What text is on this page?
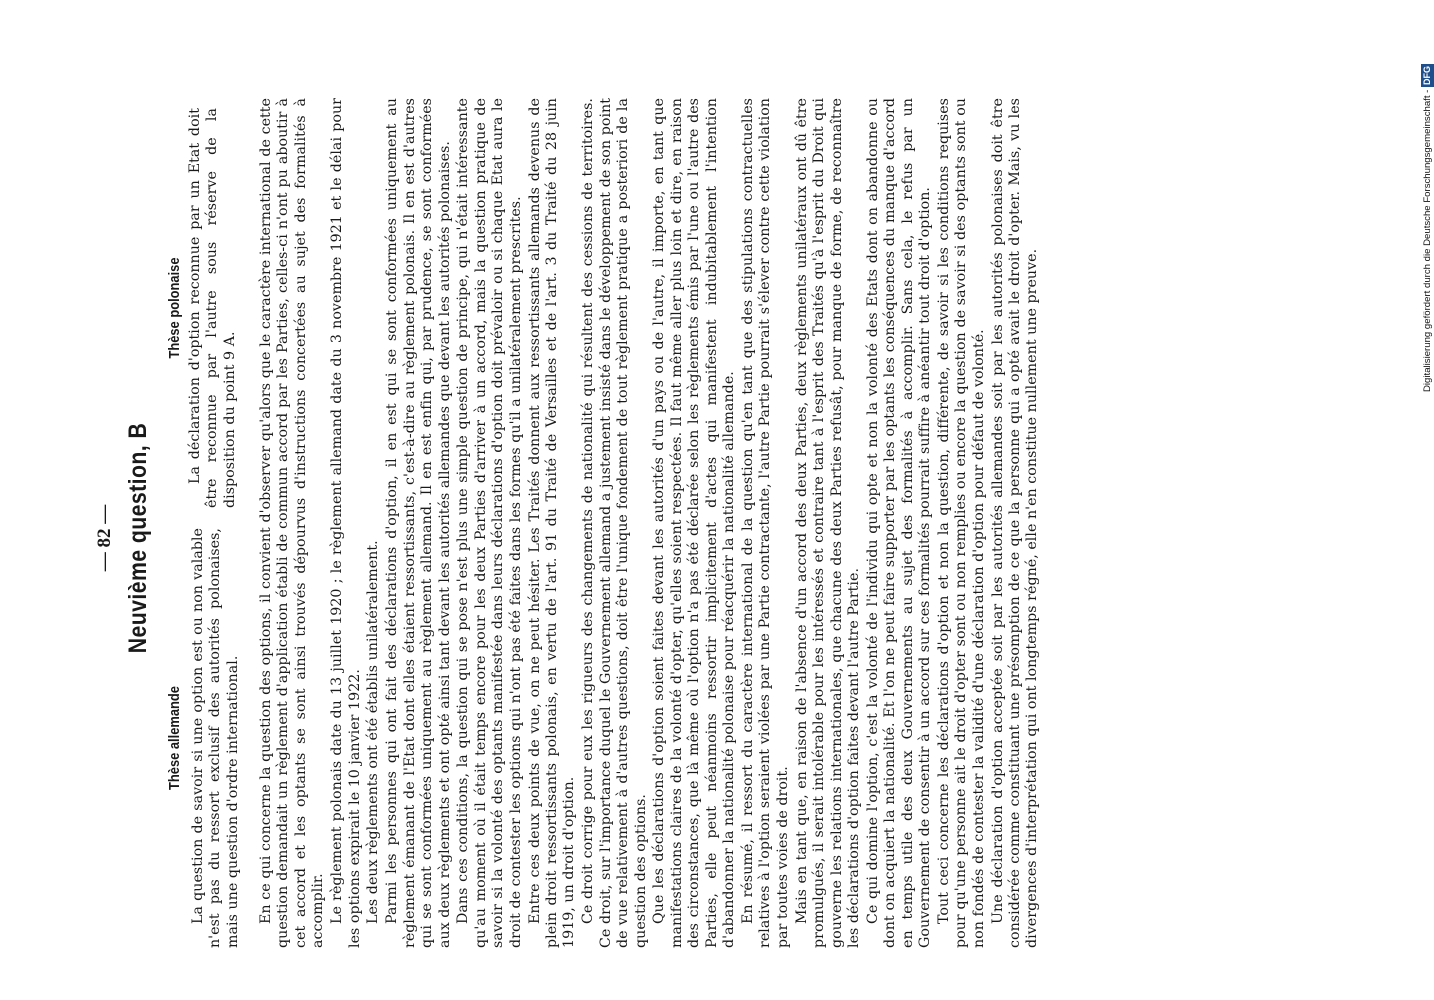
— 82 — Neuvième question, B
Thèse allemande La question de savoir si une option est ou non valable n'est pas du ressort exclusif des autorités polonaises, mais une question d'ordre international.

Thèse polonaise La déclaration d'option reconnue par un Etat doit être reconnue par l'autre sous réserve de la disposition du point 9 A. En ce qui concerne la question des options, il convient d'observer qu'alors que le caractère international de cette question demandait un règlement d'application établi de commun accord par les Parties, celles-ci n'ont pu aboutir à cet accord et les optants se sont ainsi trouvés dépourvus d'instructions concertées au sujet des formalités à accomplir. Le règlement polonais date du 13 juillet 1920 ; le règlement allemand date du 3 novembre 1921 et le délai pour les options expirait le 10 janvier 1922. Les deux règlements ont été établis unilatéralement. Parmi les personnes qui ont fait des déclarations d'option, il en est qui se sont conformées uniquement au règlement émanant de l'Etat dont elles étaient ressortissants, c'est-à-dire au règlement polonais. Il en est d'autres qui se sont conformées uniquement au règlement allemand. Il en est enfin qui, par prudence, se sont conformées aux deux règlements et ont opté ainsi tant devant les autorités allemandes que devant les autorités polonaises. Dans ces conditions, la question qui se pose n'est plus une simple question de principe, qui n'était intéressante qu'au moment où il était temps encore pour les deux Parties d'arriver à un accord, mais la question pratique de savoir si la volonté des optants manifestée dans leurs déclarations d'option doit prévaloir ou si chaque Etat aura le droit de contester les options qui n'ont pas été faites dans les formes qu'il a unilatéralement prescrites. Entre ces deux points de vue, on ne peut hésiter. Les Traités donnent aux ressortissants allemands devenus de plein droit ressortissants polonais, en vertu de l'art. 91 du Traité de Versailles et de l'art. 3 du Traité du 28 juin 1919, un droit d'option. Ce droit corrige pour eux les rigueurs des changements de nationalité qui résultent des cessions de territoires. Ce droit, sur l'importance duquel le Gouvernement allemand a justement insisté dans le développement de son point de vue relativement à d'autres questions, doit être l'unique fondement de tout règlement pratique a posteriori de la question des options. Que les déclarations d'option soient faites devant les autorités d'un pays ou de l'autre, il importe, en tant que manifestations claires de la volonté d'opter, qu'elles soient respectées. Il faut même aller plus loin et dire, en raison des circonstances, que là même où l'option n'a pas été déclarée selon les règlements émis par l'une ou l'autre des Parties, elle peut néanmoins ressortir implicitement d'actes qui manifestent indubitablement l'intention d'abandonner la nationalité polonaise pour réacquérir la nationalité allemande. En résumé, il ressort du caractère international de la question qu'en tant que des stipulations contractuelles relatives à l'option seraient violées par une Partie contractante, l'autre Partie pourrait s'élever contre cette violation par toutes voies de droit. Mais en tant que, en raison de l'absence d'un accord des deux Parties, deux règlements unilatéraux ont dû être promulgués, il serait intolérable pour les intéressés et contraire tant à l'esprit des Traités qu'à l'esprit du Droit qui gouverne les relations internationales, que chacune des deux Parties refusât, pour manque de forme, de reconnaître les déclarations d'option faites devant l'autre Partie. Ce qui domine l'option, c'est la volonté de l'individu qui opte et non la volonté des Etats dont on abandonne ou dont on acquiert la nationalité. Et l'on ne peut faire supporter par les optants les conséquences du manque d'accord en temps utile des deux Gouvernements au sujet des formalités à accomplir. Sans cela, le refus par un Gouvernement de consentir à un accord sur ces formalités pourrait suffire à anéantir tout droit d'option. Tout ceci concerne les déclarations d'option et non la question, différente, de savoir si les conditions requises pour qu'une personne ait le droit d'opter sont ou non remplies ou encore la question de savoir si des optants sont ou non fondés de contester la validité d'une déclaration d'option pour défaut de volonté. Une déclaration d'option acceptée soit par les autorités allemandes soit par les autorités polonaises doit être considérée comme constituant une présomption de ce que la personne qui a opté avait le droit d'opter. Mais, vu les divergences d'interprétation qui ont longtemps régné, elle n'en constitue nullement une preuve.

Digitalisierung gefördert durch die Deutsche Forschungsgemeinschaft - DFG
